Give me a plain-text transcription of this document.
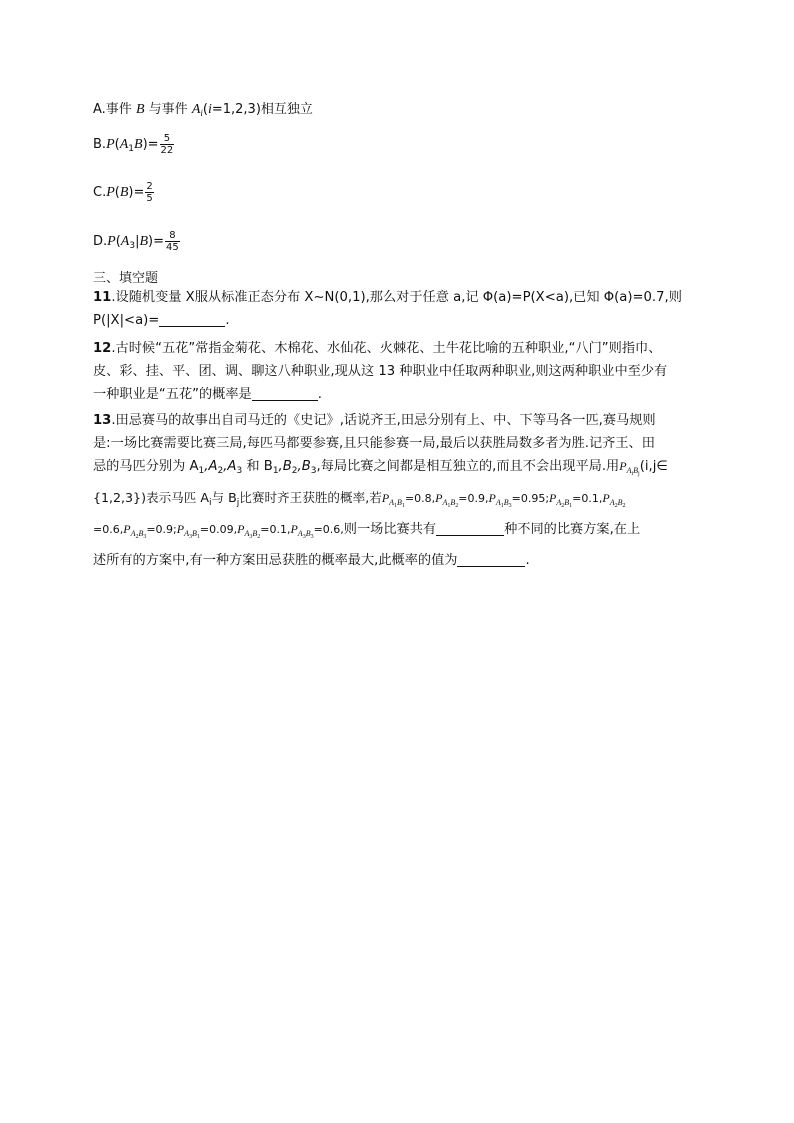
A.事件 B 与事件 $A_i(i=1,2,3)$相互独立
$B.P(A_1B)= \frac{5}{22}$
$C.P(B)= \frac{2}{5}$
$D.P(A_3|B)= \frac{8}{45}$
三、填空题
11.设随机变量 X服从标准正态分布 X~N(0,1),那么对于任意 a,记 Φ(a)=P(X<a),已知 Φ(a)=0.7,则
P(|X|<a)=	.
12.古时候“五花”常指金菊花、木棉花、水仙花、火棘花、土牛花比喻的五种职业,“八门”则指巾、
皮、彩、挂、平、团、调、聊这八种职业,现从这 13 种职业中任取两种职业,则这两种职业中至少有
一种职业是“五花”的概率是	.
13.田忌赛马的故事出自司马迁的《史记》,话说齐王,田忌分别有上、中、下等马各一匹,赛马规则
是:一场比赛需要比赛三局,每匹马都要参赛,且只能参赛一局,最后以获胜局数多者为胜.记齐王、田
忌的马匹分别为 $A_1,A_2,A_3$ 和 $B_1,B_2,B_3$,每局比赛之间都是相互独立的,而且不会出现平局.用$P_{AiBj}(i,j\in$
{1,2,3})表示马匹 $A_i$与 $B_j$比赛时齐王获胜的概率,若$P_{A1B1}=0.8,P_{A1B2}=0.9,P_{A1B3}=0.95;P_{A2B1}=0.1,P_{A2B2}$
$=0.6,P_{A2B3}=0.9;P_{A3B1}=0.09,P_{A3B2}=0.1,P_{A3B3}=0.6$,则一场比赛共有	种不同的比赛方案,在上
述所有的方案中,有一种方案田忌获胜的概率最大,此概率的值为	.
